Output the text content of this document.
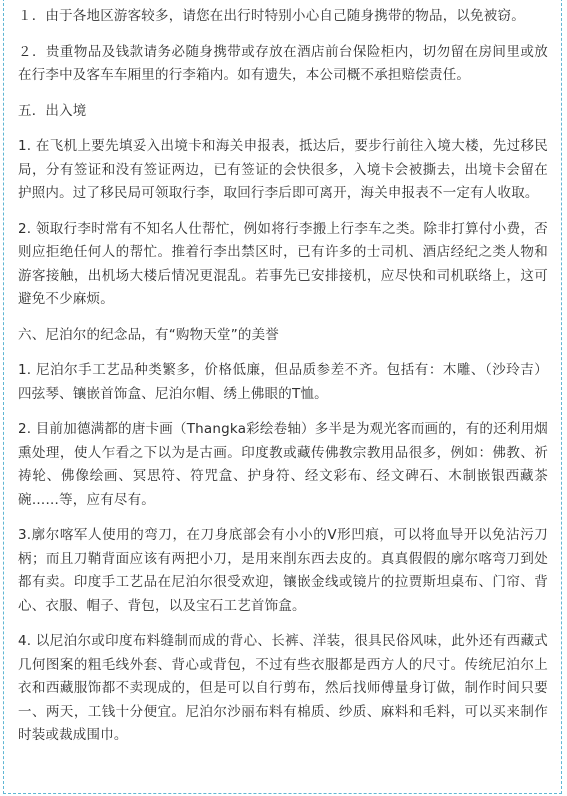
１．由于各地区游客较多，请您在出行时特别小心自己随身携带的物品，以免被窃。

２．贵重物品及钱款请务必随身携带或存放在酒店前台保险柜内，切勿留在房间里或放在行李中及客车车厢里的行李箱内。如有遗失，本公司概不承担赔偿责任。

五．出入境

1. 在飞机上要先填妥入出境卡和海关申报表，抵达后，要步行前往入境大楼，先过移民局，分有签证和没有签证两边，已有签证的会快很多，入境卡会被撕去，出境卡会留在护照内。过了移民局可领取行李，取回行李后即可离开，海关申报表不一定有人收取。

2. 领取行李时常有不知名人仕帮忙，例如将行李搬上行李车之类。除非打算付小费，否则应拒绝任何人的帮忙。推着行李出禁区时，已有许多的士司机、酒店经纪之类人物和游客接触，出机场大楼后情况更混乱。若事先已安排接机，应尽快和司机联络上，这可避免不少麻烦。

六、尼泊尔的纪念品，有“购物天堂”的美誉

1. 尼泊尔手工艺品种类繁多，价格低廉，但品质参差不齐。包括有：木雕、（沙玲吉）四弦琴、镶嵌首饰盒、尼泊尔帽、绣上佛眼的T恤。

2. 目前加德满都的唐卡画（Thangka彩绘卷轴）多半是为观光客而画的，有的还利用烟熏处理，使人乍看之下以为是古画。印度教或藏传佛教宗教用品很多，例如：佛教、祈祷轮、佛像绘画、冥思符、符咒盒、护身符、经文彩布、经文碑石、木制嵌银西藏茶碗……等，应有尽有。

3.廓尔喀军人使用的弯刀，在刀身底部会有小小的V形凹痕，可以将血导开以免沾污刀柄；而且刀鞘背面应该有两把小刀，是用来削东西去皮的。真真假假的廓尔喀弯刀到处都有卖。印度手工艺品在尼泊尔很受欢迎，镶嵌金线或镜片的拉贾斯坦桌布、门帘、背心、衣服、帽子、背包，以及宝石工艺首饰盒。

4. 以尼泊尔或印度布料缝制而成的背心、长裤、洋装，很具民俗风味，此外还有西藏式几何图案的粗毛线外套、背心或背包，不过有些衣服都是西方人的尺寸。传统尼泊尔上衣和西藏服饰都不卖现成的，但是可以自行剪布，然后找师傅量身订做，制作时间只要一、两天，工钱十分便宜。尼泊尔沙丽布料有棉质、纱质、麻料和毛料，可以买来制作时装或裁成围巾。
